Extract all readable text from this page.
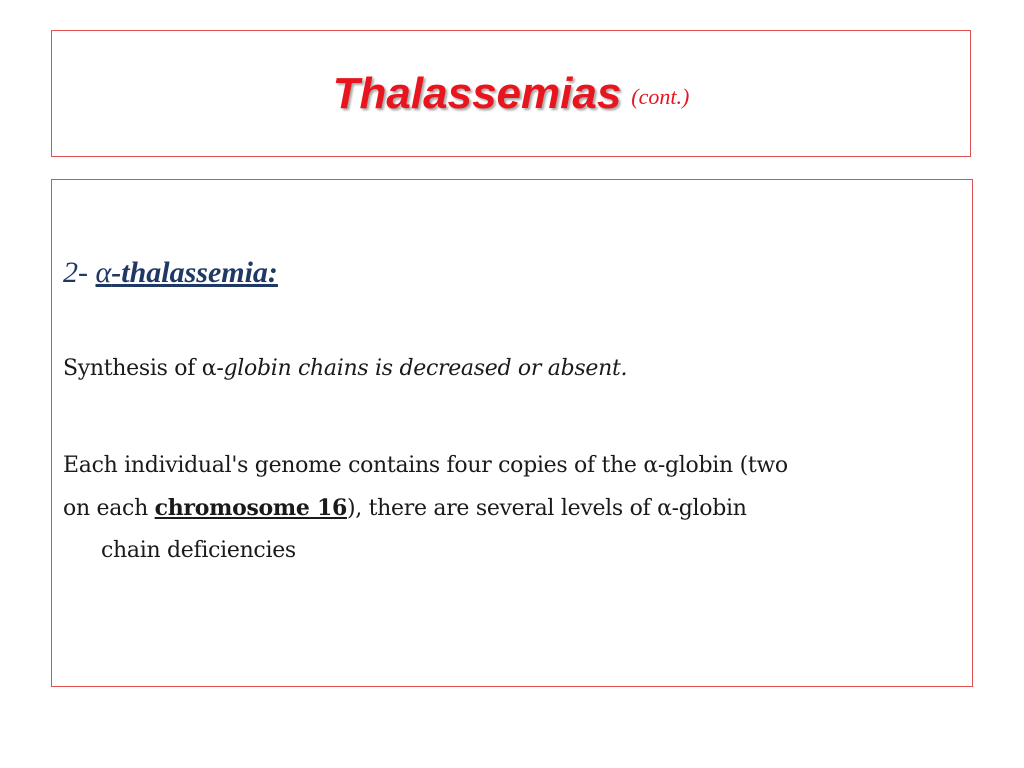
Thalassemias (cont.)
2- α-thalassemia:
Synthesis of α-globin chains is decreased or absent.
Each individual's genome contains four copies of the α-globin (two
on each chromosome 16), there are several levels of α-globin
chain deficiencies
